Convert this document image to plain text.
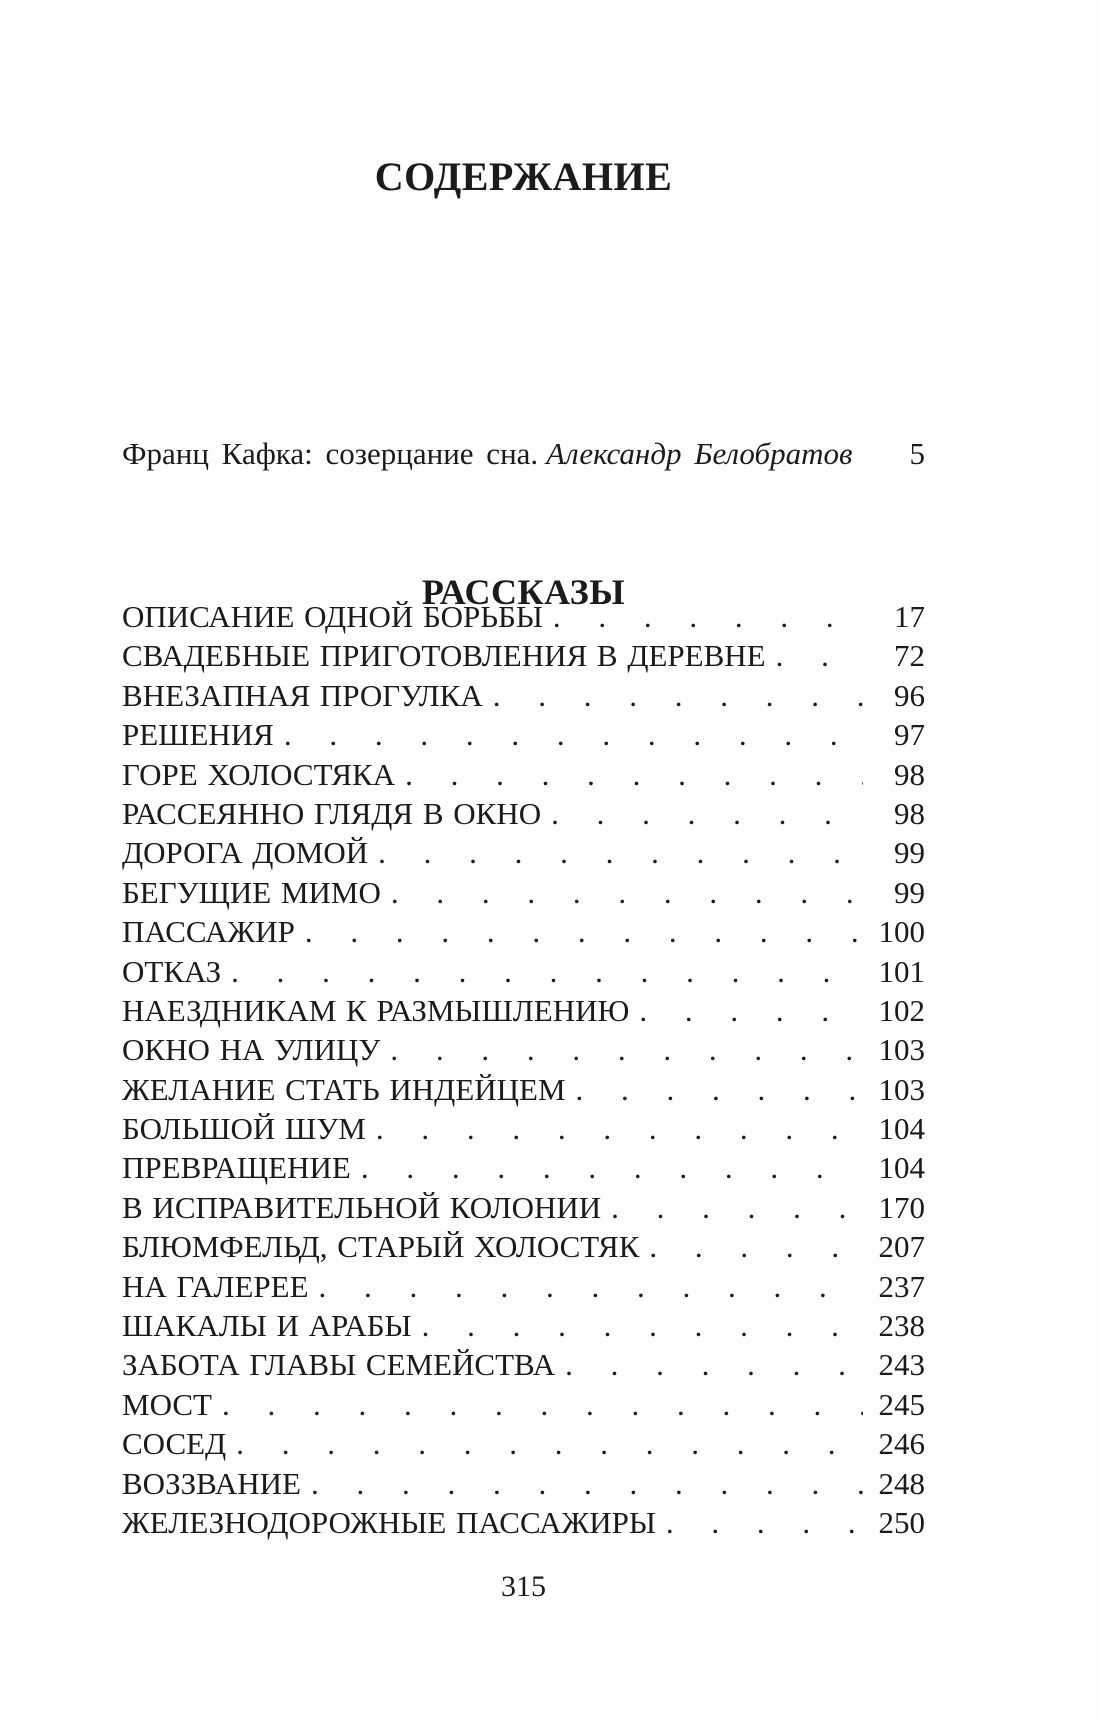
СОДЕРЖАНИЕ
Франц Кафка: созерцание сна. Александр Белобратов . . .	5
РАССКАЗЫ
ОПИСАНИЕ ОДНОЙ БОРЬБЫ . . .	17
СВАДЕБНЫЕ ПРИГОТОВЛЕНИЯ В ДЕРЕВНЕ . . .	72
ВНЕЗАПНАЯ ПРОГУЛКА . . .	96
РЕШЕНИЯ . . .	97
ГОРЕ ХОЛОСТЯКА . . .	98
РАССЕЯННО ГЛЯДЯ В ОКНО . . .	98
ДОРОГА ДОМОЙ . . .	99
БЕГУЩИЕ МИМО . . .	99
ПАССАЖИР . . .	100
ОТКАЗ . . .	101
НАЕЗДНИКАМ К РАЗМЫШЛЕНИЮ . . .	102
ОКНО НА УЛИЦУ . . .	103
ЖЕЛАНИЕ СТАТЬ ИНДЕЙЦЕМ . . .	103
БОЛЬШОЙ ШУМ . . .	104
ПРЕВРАЩЕНИЕ . . .	104
В ИСПРАВИТЕЛЬНОЙ КОЛОНИИ . . .	170
БЛЮМФЕЛЬД, СТАРЫЙ ХОЛОСТЯК . . .	207
НА ГАЛЕРЕЕ . . .	237
ШАКАЛЫ И АРАБЫ . . .	238
ЗАБОТА ГЛАВЫ СЕМЕЙСТВА . . .	243
МОСТ . . .	245
СОСЕД . . .	246
ВОЗЗВАНИЕ . . .	248
ЖЕЛЕЗНОДОРОЖНЫЕ ПАССАЖИРЫ . . .	250
315
